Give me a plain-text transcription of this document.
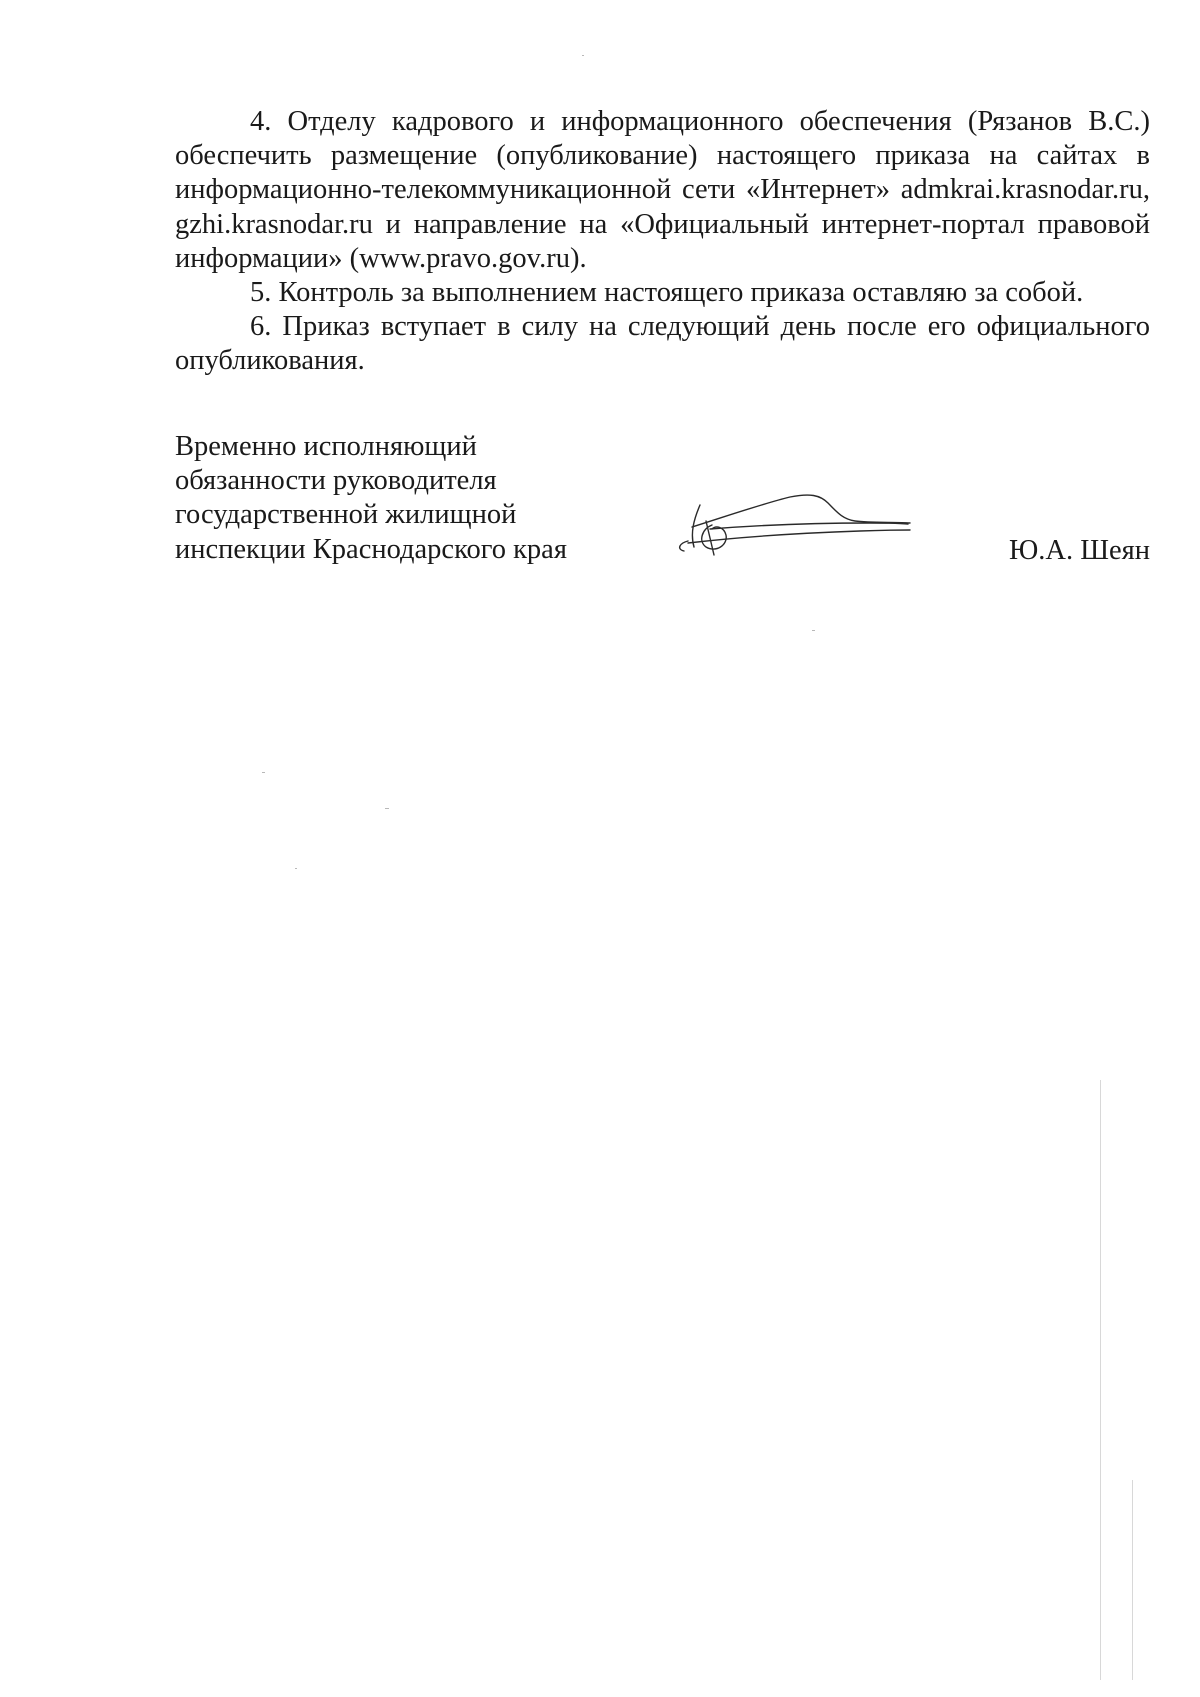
4. Отделу кадрового и информационного обеспечения (Рязанов В.С.) обеспечить размещение (опубликование) настоящего приказа на сайтах в информационно-телекоммуникационной сети «Интернет» admkrai.krasnodar.ru, gzhi.krasnodar.ru и направление на «Официальный интернет-портал правовой информации» (www.pravo.gov.ru).

5. Контроль за выполнением настоящего приказа оставляю за собой.

6. Приказ вступает в силу на следующий день после его официального опубликования.

Временно исполняющий
обязанности руководителя
государственной жилищной
инспекции Краснодарского края	Ю.А. Шеян
